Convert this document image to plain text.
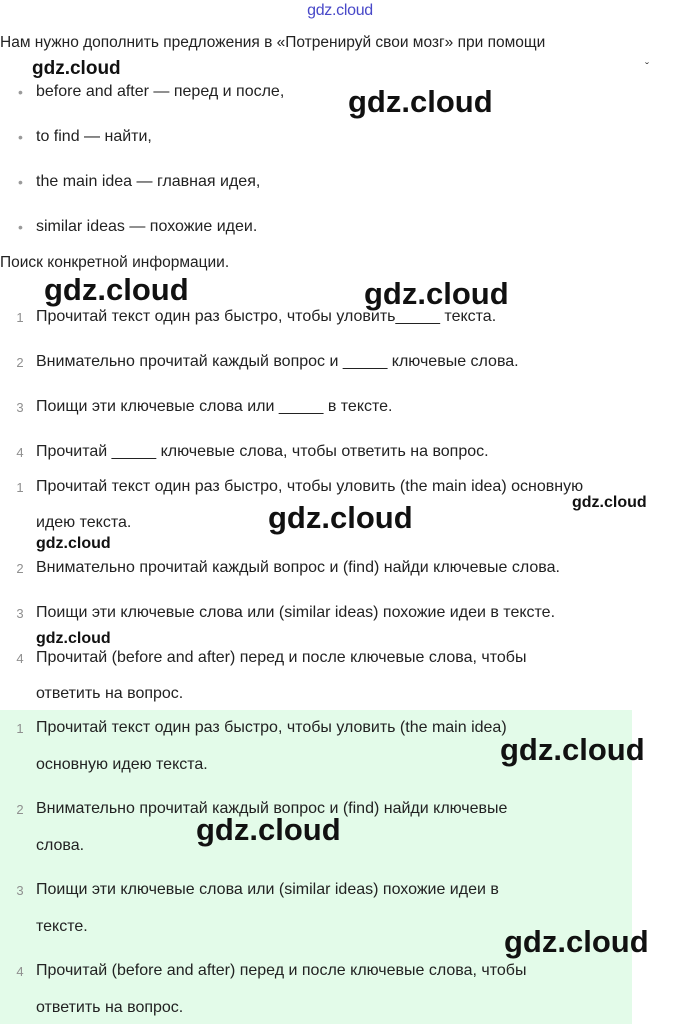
gdz.cloud
Нам нужно дополнить предложения в «Потренируй свои мозг» при помощи
ˇ
• before and after — перед и после,
• to find — найти,
• the main idea — главная идея,
• similar ideas — похожие идеи.
Поиск конкретной информации.
1 Прочитай текст один раз быстро, чтобы уловить_____ текста.
2 Внимательно прочитай каждый вопрос и _____ ключевые слова.
3 Поищи эти ключевые слова или _____ в тексте.
4 Прочитай _____ ключевые слова, чтобы ответить на вопрос.
1 Прочитай текст один раз быстро, чтобы уловить (the main idea) основную
идею текста.
2 Внимательно прочитай каждый вопрос и (find) найди ключевые слова.
3 Поищи эти ключевые слова или (similar ideas) похожие идеи в тексте.
4 Прочитай (before and after) перед и после ключевые слова, чтобы
ответить на вопрос.
1 Прочитай текст один раз быстро, чтобы уловить (the main idea)
основную идею текста.
2 Внимательно прочитай каждый вопрос и (find) найди ключевые
слова.
3 Поищи эти ключевые слова или (similar ideas) похожие идеи в
тексте.
4 Прочитай (before and after) перед и после ключевые слова, чтобы
ответить на вопрос.
gdz.cloud
gdz.cloud
gdz.cloud	gdz.cloud
gdz.cloud
gdz.cloud
gdz.cloud
gdz.cloud
gdz.cloud
gdz.cloud
gdz.cloud
